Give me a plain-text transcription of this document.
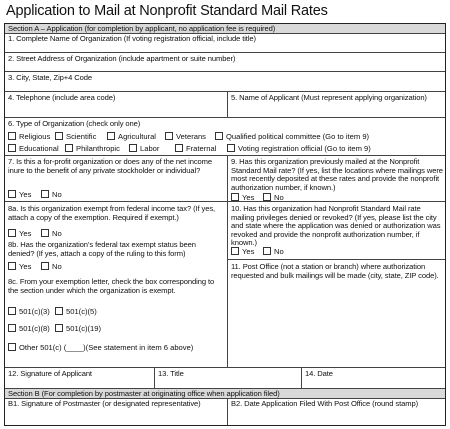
Application to Mail at Nonprofit Standard Mail Rates
Section A – Application (for completion by applicant, no application fee is required)
1. Complete Name of Organization (If voting registration official, include title)
2. Street Address of Organization (include apartment or suite number)
3. City, State, Zip+4 Code
4. Telephone (include area code)	5. Name of Applicant (Must represent applying organization)
6. Type of Organization (check only one)
Religious	Scientific	Agricultural	Veterans	Qualified political committee (Go to item 9)
Educational	Philanthropic	Labor	Fraternal	Voting registration official (Go to item 9)
7. Is this a for-profit organization or does any of the net income inure to the benefit of any private stockholder or individual?
Yes	No
9. Has this organization previously mailed at the Nonprofit Standard Mail rate? (If yes, list the locations where mailings were most recently deposited at these rates and provide the nonprofit authorization number, if known.)
Yes	No
8a. Is this organization exempt from federal income tax? (If yes, attach a copy of the exemption. Required if exempt.)
Yes	No
8b. Has the organization’s federal tax exempt status been denied? (If yes, attach a copy of the ruling to this form)
Yes	No
8c. From your exemption letter, check the box corresponding to the section under which the organization is exempt.
501(c)(3)	501(c)(5)
501(c)(8)	501(c)(19)
Other 501(c) (____)(See statement in item 6 above)
10. Has this organization had Nonprofit Standard Mail rate mailing privileges denied or revoked? (If yes, please list the city and state where the application was denied or authorization was revoked and provide the nonprofit authorization number, if known.)
Yes	No
11. Post Office (not a station or branch) where authorization requested and bulk mailings will be made (city, state, ZIP code).
12. Signature of Applicant	13. Title	14. Date
Section B (For completion by postmaster at originating office when application filed)
B1. Signature of Postmaster (or designated representative)	B2. Date Application Filed With Post Office (round stamp)
